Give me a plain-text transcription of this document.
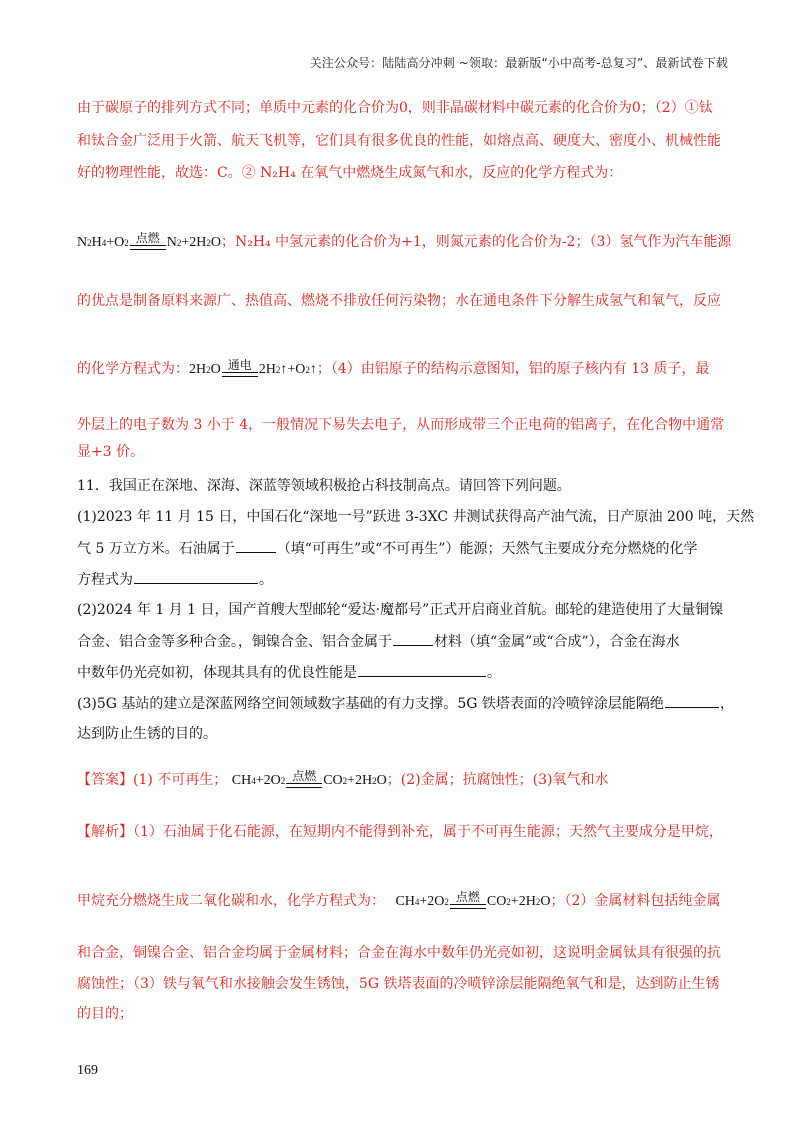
关注公众号：陆陆高分冲刺 ~领取：最新版“小中高考-总复习”、最新试卷下载
由于碳原子的排列方式不同；单质中元素的化合价为0，则非晶碳材料中碳元素的化合价为0；（2）①钛
和钛合金广泛用于火箭、航天飞机等，它们具有很多优良的性能，如熔点高、硬度大、密度小、机械性能
好的物理性能，故选：C。② N₂H₄ 在氧气中燃烧生成氮气和水，反应的化学方程式为：
N 2 H 4 +O 2 点燃 N 2 +2H 2 O；N₂H₄ 中氢元素的化合价为+1，则氮元素的化合价为-2；（3）氢气作为汽车能源
的优点是制备原料来源广、热值高、燃烧不排放任何污染物；水在通电条件下分解生成氢气和氧气，反应
的化学方程式为：2H 2 O 通电 2H 2 ↑+O 2 ↑；（4）由铝原子的结构示意图知，铝的原子核内有 13 质子，最
外层上的电子数为 3 小于 4，一般情况下易失去电子，从而形成带三个正电荷的铝离子，在化合物中通常
显+3 价。
11．我国正在深地、深海、深蓝等领域积极抢占科技制高点。请回答下列问题。
(1)2023 年 11 月 15 日，中国石化“深地一号”跃进 3-3XC 井测试获得高产油气流，日产原油 200 吨，天然
气 5 万立方米。石油属于	（填“可再生”或“不可再生”）能源；天然气主要成分充分燃烧的化学
方程式为	。
(2)2024 年 1 月 1 日，国产首艘大型邮轮“爱达·魔都号”正式开启商业首航。邮轮的建造使用了大量铜镍
合金、铝合金等多种合金。，铜镍合金、铝合金属于	材料（填“金属”或“合成”），合金在海水
中数年仍光亮如初，体现其具有的优良性能是	。
(3)5G 基站的建立是深蓝网络空间领域数字基础的有力支撑。5G 铁塔表面的冷喷锌涂层能隔绝	，
达到防止生锈的目的。
【答案】(1) 不可再生； CH 4 +2O 2 点燃 CO 2 +2H 2 O；(2)金属；抗腐蚀性；(3)氧气和水
【解析】（1）石油属于化石能源，在短期内不能得到补充，属于不可再生能源；天然气主要成分是甲烷，
甲烷充分燃烧生成二氧化碳和水，化学方程式为： CH 4 +2O 2 点燃 CO 2 +2H 2 O；（2）金属材料包括纯金属
和合金，铜镍合金、铝合金均属于金属材料；合金在海水中数年仍光亮如初，这说明金属钛具有很强的抗
腐蚀性；（3）铁与氧气和水接触会发生锈蚀，5G 铁塔表面的冷喷锌涂层能隔绝氧气和是，达到防止生锈
的目的；
169
